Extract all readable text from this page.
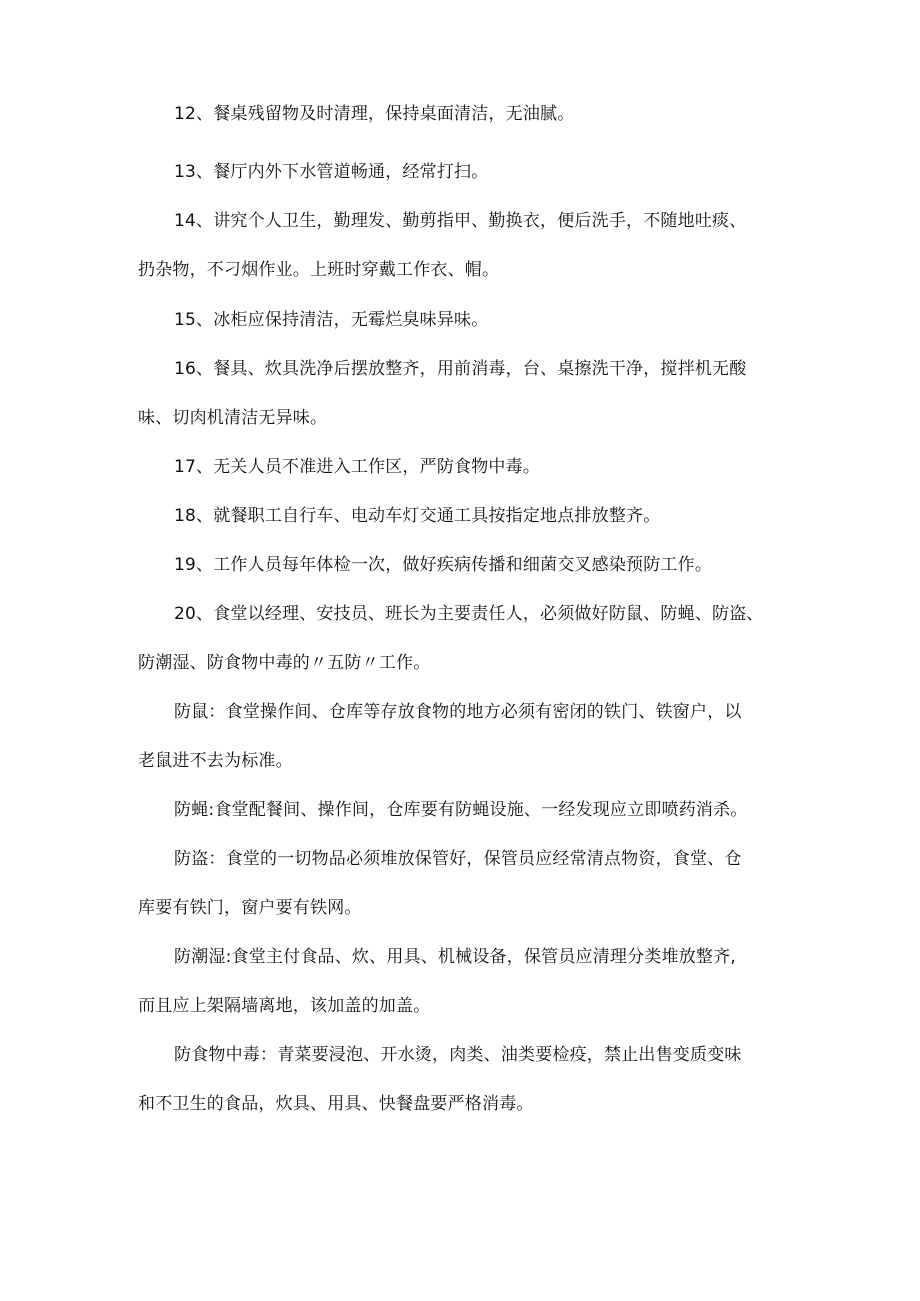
12、餐桌残留物及时清理，保持桌面清洁，无油腻。
13、餐厅内外下水管道畅通，经常打扫。
14、讲究个人卫生，勤理发、勤剪指甲、勤换衣，便后洗手，不随地吐痰、
扔杂物，不刁烟作业。上班时穿戴工作衣、帽。
15、冰柜应保持清洁，无霉烂臭味异味。
16、餐具、炊具洗净后摆放整齐，用前消毒，台、桌擦洗干净，搅拌机无酸
味、切肉机清洁无异味。
17、无关人员不准进入工作区，严防食物中毒。
18、就餐职工自行车、电动车灯交通工具按指定地点排放整齐。
19、工作人员每年体检一次，做好疾病传播和细菌交叉感染预防工作。
20、食堂以经理、安技员、班长为主要责任人，必须做好防鼠、防蝇、防盗、
防潮湿、防食物中毒的〃五防〃工作。
防鼠：食堂操作间、仓库等存放食物的地方必须有密闭的铁门、铁窗户，以
老鼠进不去为标准。
防蝇:食堂配餐间、操作间，仓库要有防蝇设施、一经发现应立即喷药消杀。
防盗：食堂的一切物品必须堆放保管好，保管员应经常清点物资，食堂、仓
库要有铁门，窗户要有铁网。
防潮湿:食堂主付食品、炊、用具、机械设备，保管员应清理分类堆放整齐,
而且应上架隔墙离地，该加盖的加盖。
防食物中毒：青菜要浸泡、开水烫，肉类、油类要检疫，禁止出售变质变味
和不卫生的食品，炊具、用具、快餐盘要严格消毒。
